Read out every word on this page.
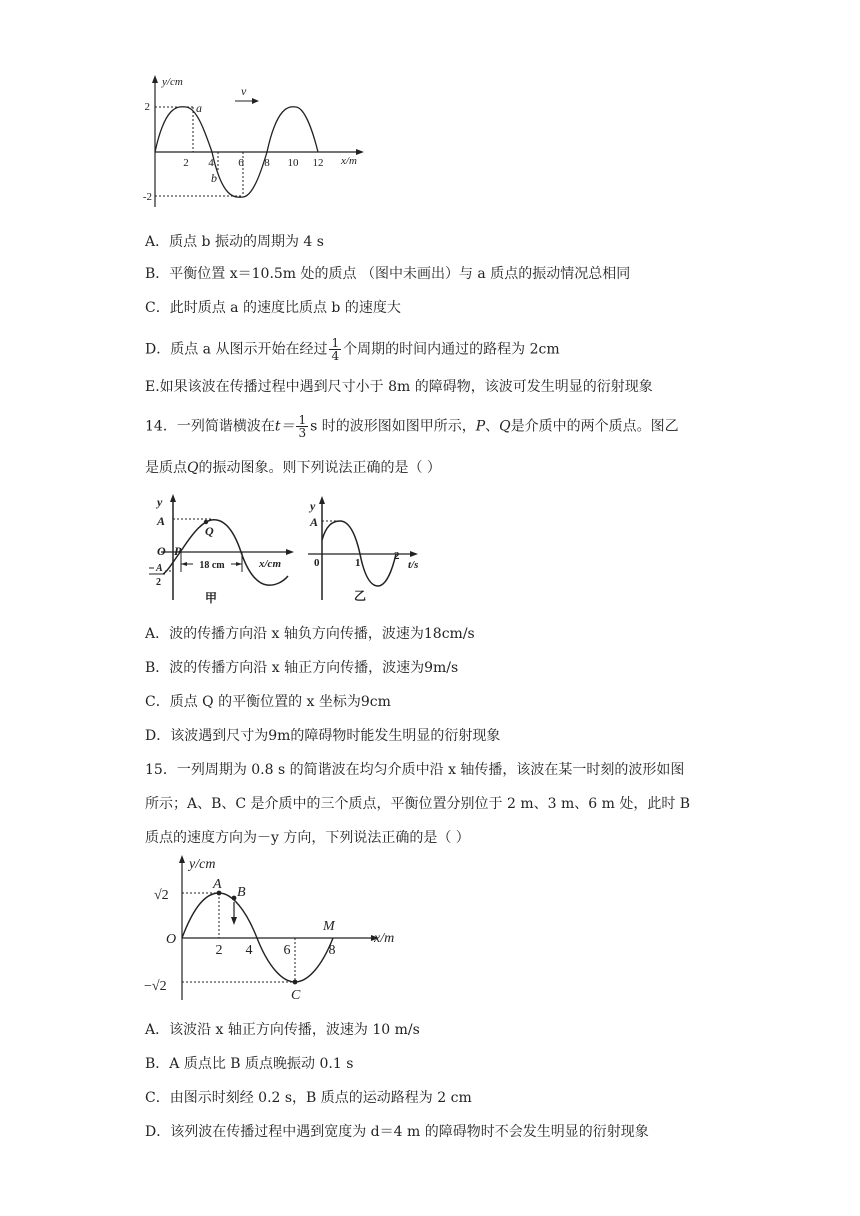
y/cm
x/m
2
-2
2 4 6 8 10 12
a
b
v
A．质点 b 振动的周期为 4 s
B．平衡位置 x＝10.5m 处的质点 （图中未画出）与 a 质点的振动情况总相同
C．此时质点 a 的速度比质点 b 的速度大
D．质点 a 从图示开始在经过 $\frac{1}{4}$ 个周期的时间内通过的路程为 2cm
E.如果该波在传播过程中遇到尺寸小于 8m 的障碍物，该波可发生明显的衍射现象
14．一列简谐横波在$t= \frac{1}{3}$ s 时的波形图如图甲所示，P、Q是介质中的两个质点。图乙
是质点Q的振动图象。则下列说法正确的是（ ）
y
A
O P
Q
A
2
18 cm	x/cm
甲
y
A
0	1
2
t/s
乙
A．波的传播方向沿 x 轴负方向传播，波速为18cm/s
B．波的传播方向沿 x 轴正方向传播，波速为9m/s
C．质点 Q 的平衡位置的 x 坐标为9cm
D．该波遇到尺寸为9m的障碍物时能发生明显的衍射现象
15．一列周期为 0.8 s 的简谐波在均匀介质中沿 x 轴传播，该波在某一时刻的波形如图
所示；A、B、C 是介质中的三个质点，平衡位置分别位于 2 m、3 m、6 m 处，此时 B
质点的速度方向为－y 方向，下列说法正确的是（ ）
y/cm
x/m
O
√2
−√2
A
B
C
M
2 4 6	8
A．该波沿 x 轴正方向传播，波速为 10 m/s
B．A 质点比 B 质点晚振动 0.1 s
C．由图示时刻经 0.2 s，B 质点的运动路程为 2 cm
D．该列波在传播过程中遇到宽度为 d＝4 m 的障碍物时不会发生明显的衍射现象
